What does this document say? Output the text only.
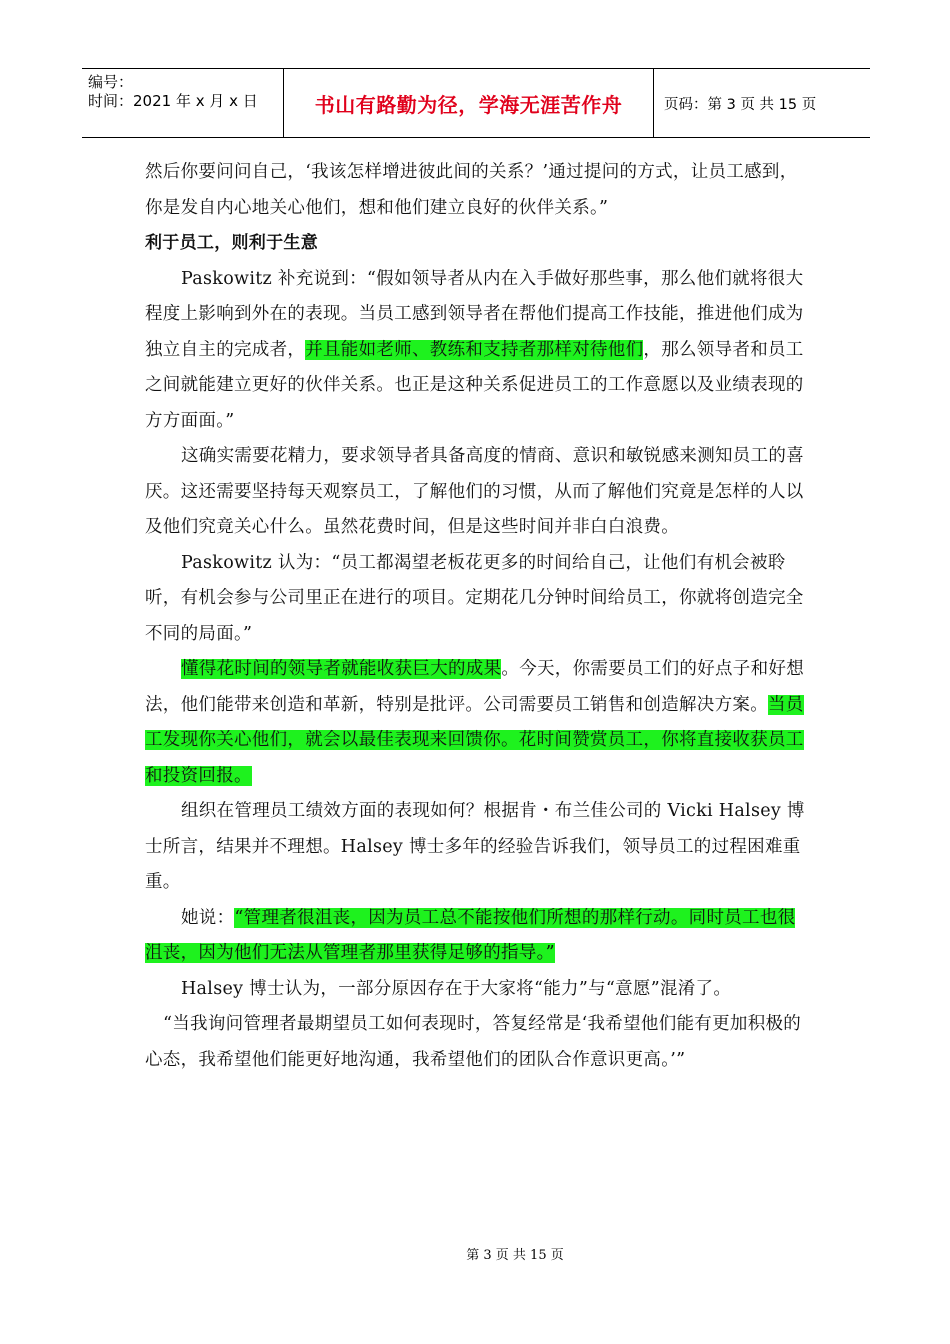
编号：
时间：2021 年 x 月 x 日	书山有路勤为径，学海无涯苦作舟	页码：第 3 页 共 15 页

然后你要问问自己，‘我该怎样增进彼此间的关系？’通过提问的方式，让员工感到，你是发自内心地关心他们，想和他们建立良好的伙伴关系。”

利于员工，则利于生意

Paskowitz 补充说到：“假如领导者从内在入手做好那些事，那么他们就将很大程度上影响到外在的表现。当员工感到领导者在帮他们提高工作技能，推进他们成为独立自主的完成者，并且能如老师、教练和支持者那样对待他们，那么领导者和员工之间就能建立更好的伙伴关系。也正是这种关系促进员工的工作意愿以及业绩表现的方方面面。”

这确实需要花精力，要求领导者具备高度的情商、意识和敏锐感来测知员工的喜厌。这还需要坚持每天观察员工，了解他们的习惯，从而了解他们究竟是怎样的人以及他们究竟关心什么。虽然花费时间，但是这些时间并非白白浪费。

Paskowitz 认为：“员工都渴望老板花更多的时间给自己，让他们有机会被聆听，有机会参与公司里正在进行的项目。定期花几分钟时间给员工，你就将创造完全不同的局面。”

懂得花时间的领导者就能收获巨大的成果。今天，你需要员工们的好点子和好想法，他们能带来创造和革新，特别是批评。公司需要员工销售和创造解决方案。当员工发现你关心他们，就会以最佳表现来回馈你。花时间赞赏员工，你将直接收获员工和投资回报。

组织在管理员工绩效方面的表现如何？根据肯・布兰佳公司的 Vicki Halsey 博士所言，结果并不理想。Halsey 博士多年的经验告诉我们，领导员工的过程困难重重。

她说：“管理者很沮丧，因为员工总不能按他们所想的那样行动。同时员工也很沮丧，因为他们无法从管理者那里获得足够的指导。”

Halsey 博士认为，一部分原因存在于大家将“能力”与“意愿”混淆了。

“当我询问管理者最期望员工如何表现时，答复经常是‘我希望他们能有更加积极的心态，我希望他们能更好地沟通，我希望他们的团队合作意识更高。’”

第 3 页 共 15 页
